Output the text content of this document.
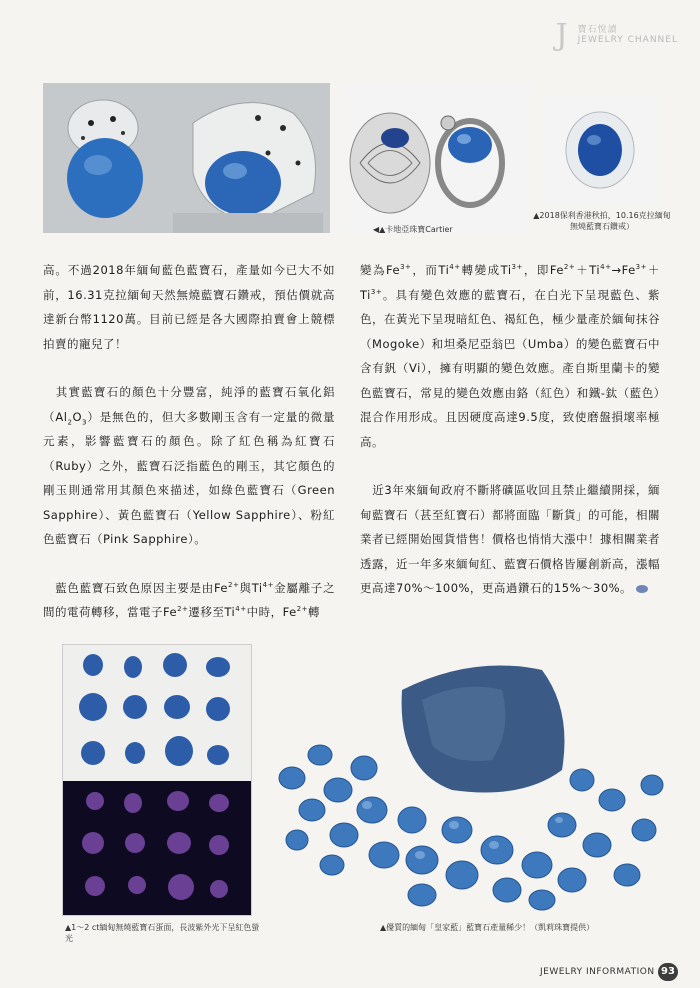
J 寶石悅讀
JEWELRY CHANNEL
◀▲卡地亞珠寶Cartier
▲2018保利香港秋拍，10.16克拉緬甸無燒藍寶石鑽戒）

高。不過2018年緬甸藍色藍寶石，產量如今已大不如前，16.31克拉緬甸天然無燒藍寶石鑽戒，預估價就高達新台幣1120萬。目前已經是各大國際拍賣會上競標拍賣的寵兒了！

　其實藍寶石的顏色十分豐富，純淨的藍寶石氧化鋁$(Al_2O_3)$是無色的，但大多數剛玉含有一定量的微量元素，影響藍寶石的顏色。除了紅色稱為紅寶石（Ruby）之外，藍寶石泛指藍色的剛玉，其它顏色的剛玉則通常用其顏色來描述，如綠色藍寶石（Green Sapphire）、黃色藍寶石（Yellow Sapphire）、粉紅色藍寶石（Pink Sapphire）。

　藍色藍寶石致色原因主要是由$Fe^{2+}$與$Ti^{4+}$金屬離子之間的電荷轉移，當電子$Fe^{2+}$遷移至$Ti^{4+}$中時，$Fe^{2+}$轉

變為$Fe^{3+}$，而$Ti^{4+}$轉變成$Ti^{3+}$，即$Fe^{2+}+Ti^{4+}\to Fe^{3+}+Ti^{3+}$。具有變色效應的藍寶石，在白光下呈現藍色、紫色，在黃光下呈現暗紅色、褐紅色，極少量產於緬甸抹谷（Mogoke）和坦桑尼亞翁巴（Umba）的變色藍寶石中含有釩（Vi），擁有明顯的變色效應。產自斯里蘭卡的變色藍寶石，常見的變色效應由鉻（紅色）和鐵-鈦（藍色）混合作用形成。且因硬度高達9.5度，致使磨盤損壞率極高。

　近3年來緬甸政府不斷將礦區收回且禁止繼續開採，緬甸藍寶石（甚至紅寶石）都將面臨「斷貨」的可能，相關業者已經開始囤貨惜售！價格也悄悄大漲中！據相關業者透露，近一年多來緬甸紅、藍寶石價格皆屢創新高，漲幅更高達70%～100%，更高過鑽石的15%～30%。

▲1～2 ct緬甸無燒藍寶石蛋面，長波紫外光下呈紅色螢光
▲優質的緬甸「皇家藍」藍寶石產量稀少！（凱莉珠寶提供）
JEWELRY INFORMATION 93
